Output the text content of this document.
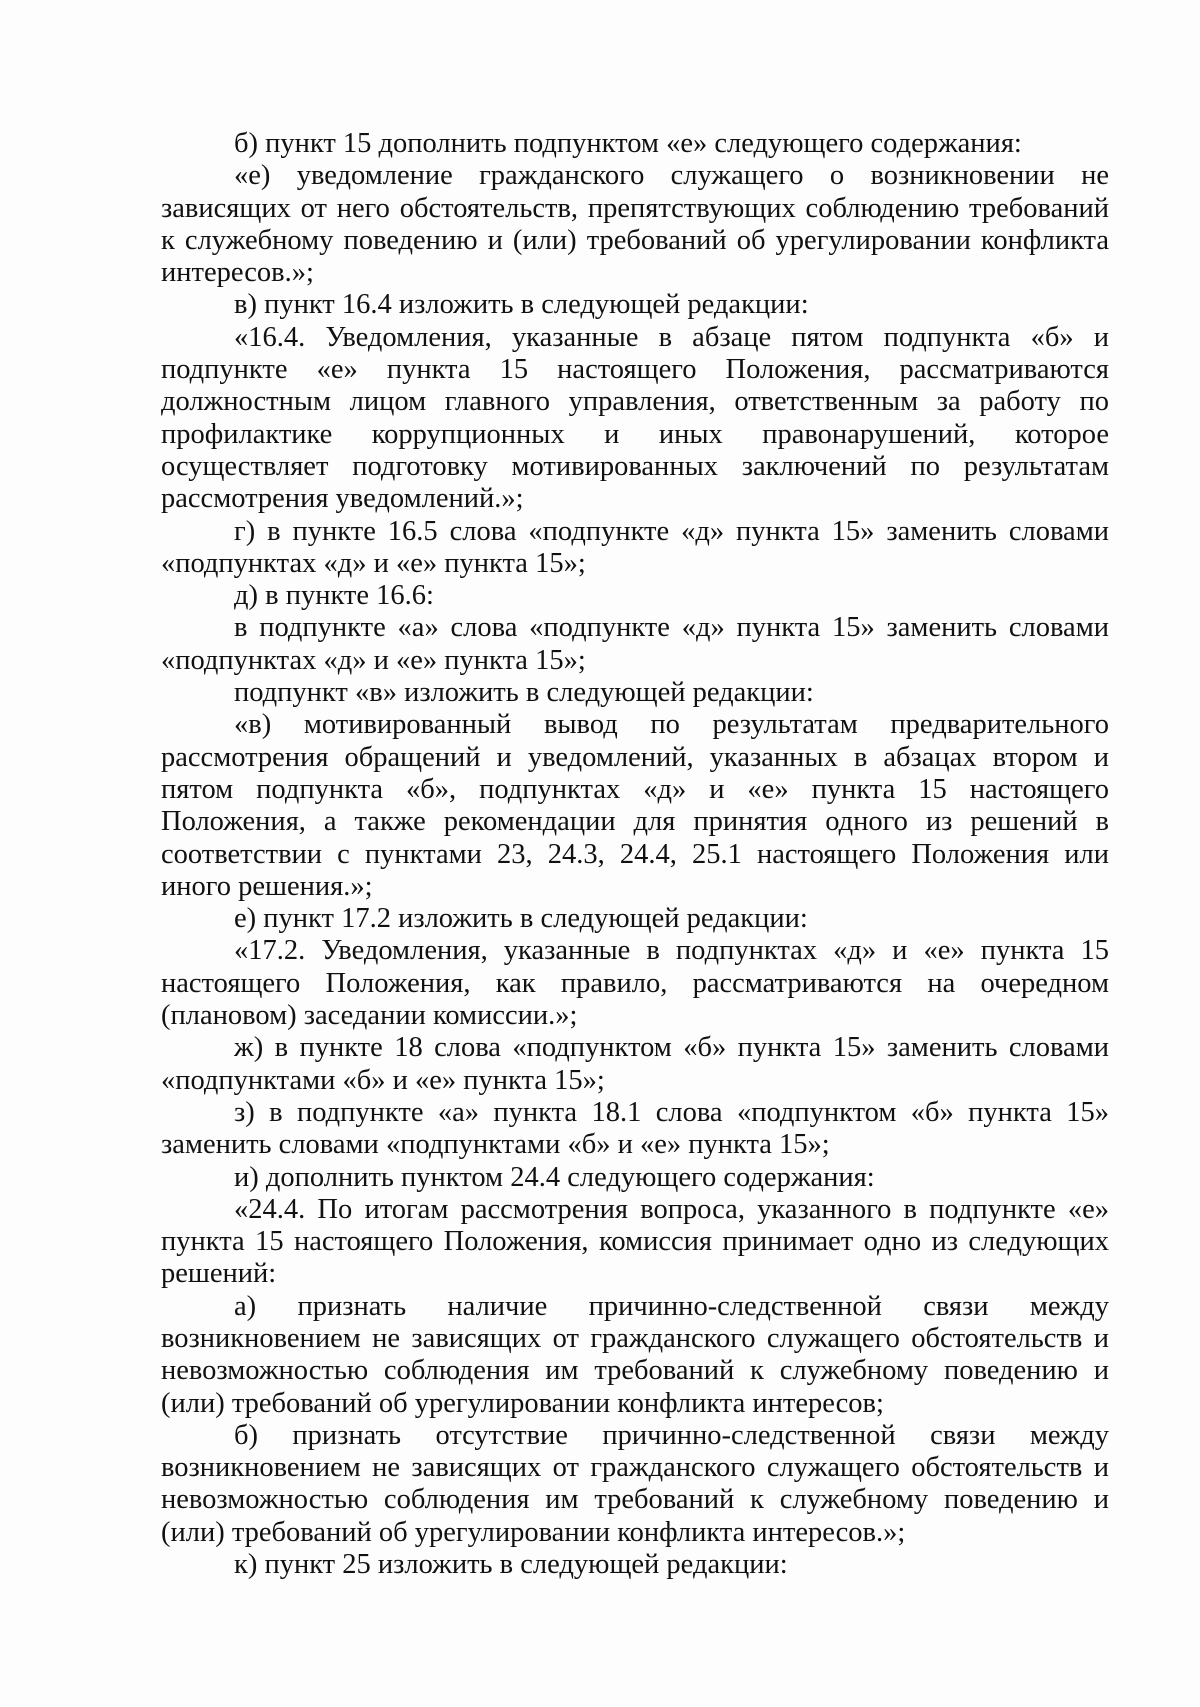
б) пункт 15 дополнить подпунктом «е» следующего содержания:

«е) уведомление гражданского служащего о возникновении не зависящих от него обстоятельств, препятствующих соблюдению требований к служебному поведению и (или) требований об урегулировании конфликта интересов.»;

в) пункт 16.4 изложить в следующей редакции:

«16.4. Уведомления, указанные в абзаце пятом подпункта «б» и подпункте «е» пункта 15 настоящего Положения, рассматриваются должностным лицом главного управления, ответственным за работу по профилактике коррупционных и иных правонарушений, которое осуществляет подготовку мотивированных заключений по результатам рассмотрения уведомлений.»;

г) в пункте 16.5 слова «подпункте «д» пункта 15» заменить словами «подпунктах «д» и «е» пункта 15»;

д) в пункте 16.6:

в подпункте «а» слова «подпункте «д» пункта 15» заменить словами «подпунктах «д» и «е» пункта 15»;

подпункт «в» изложить в следующей редакции:

«в) мотивированный вывод по результатам предварительного рассмотрения обращений и уведомлений, указанных в абзацах втором и пятом подпункта «б», подпунктах «д» и «е» пункта 15 настоящего Положения, а также рекомендации для принятия одного из решений в соответствии с пунктами 23, 24.3, 24.4, 25.1 настоящего Положения или иного решения.»;

е) пункт 17.2 изложить в следующей редакции:

«17.2. Уведомления, указанные в подпунктах «д» и «е» пункта 15 настоящего Положения, как правило, рассматриваются на очередном (плановом) заседании комиссии.»;

ж) в пункте 18 слова «подпунктом «б» пункта 15» заменить словами «подпунктами «б» и «е» пункта 15»;

з) в подпункте «а» пункта 18.1 слова «подпунктом «б» пункта 15» заменить словами «подпунктами «б» и «е» пункта 15»;

и) дополнить пунктом 24.4 следующего содержания:

«24.4. По итогам рассмотрения вопроса, указанного в подпункте «е» пункта 15 настоящего Положения, комиссия принимает одно из следующих решений:

а) признать наличие причинно-следственной связи между возникновением не зависящих от гражданского служащего обстоятельств и невозможностью соблюдения им требований к служебному поведению и (или) требований об урегулировании конфликта интересов;

б) признать отсутствие причинно-следственной связи между возникновением не зависящих от гражданского служащего обстоятельств и невозможностью соблюдения им требований к служебному поведению и (или) требований об урегулировании конфликта интересов.»;

к) пункт 25 изложить в следующей редакции:
